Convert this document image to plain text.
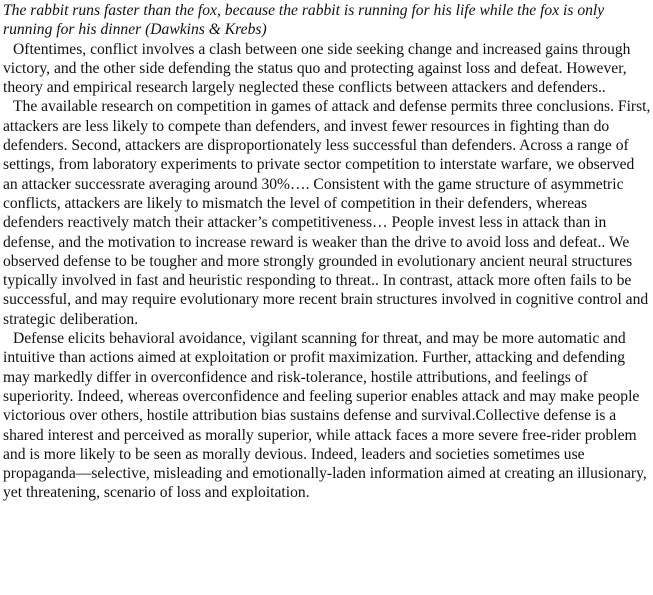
The rabbit runs faster than the fox, because the rabbit is running for his life while the fox is only running for his dinner (Dawkins & Krebs)

Oftentimes, conflict involves a clash between one side seeking change and increased gains through victory, and the other side defending the status quo and protecting against loss and defeat. However, theory and empirical research largely neglected these conflicts between attackers and defenders..

The available research on competition in games of attack and defense permits three conclusions. First, attackers are less likely to compete than defenders, and invest fewer resources in fighting than do defenders. Second, attackers are disproportionately less successful than defenders. Across a range of settings, from laboratory experiments to private sector competition to interstate warfare, we observed an attacker successrate averaging around 30%…. Consistent with the game structure of asymmetric conflicts, attackers are likely to mismatch the level of competition in their defenders, whereas defenders reactively match their attacker’s competitiveness… People invest less in attack than in defense, and the motivation to increase reward is weaker than the drive to avoid loss and defeat.. We observed defense to be tougher and more strongly grounded in evolutionary ancient neural structures typically involved in fast and heuristic responding to threat.. In contrast, attack more often fails to be successful, and may require evolutionary more recent brain structures involved in cognitive control and strategic deliberation.

Defense elicits behavioral avoidance, vigilant scanning for threat, and may be more automatic and intuitive than actions aimed at exploitation or profit maximization. Further, attacking and defending may markedly differ in overconfidence and risk-tolerance, hostile attributions, and feelings of superiority. Indeed, whereas overconfidence and feeling superior enables attack and may make people victorious over others, hostile attribution bias sustains defense and survival.Collective defense is a shared interest and perceived as morally superior, while attack faces a more severe free-rider problem and is more likely to be seen as morally devious. Indeed, leaders and societies sometimes use propaganda—selective, misleading and emotionally-laden information aimed at creating an illusionary, yet threatening, scenario of loss and exploitation.
